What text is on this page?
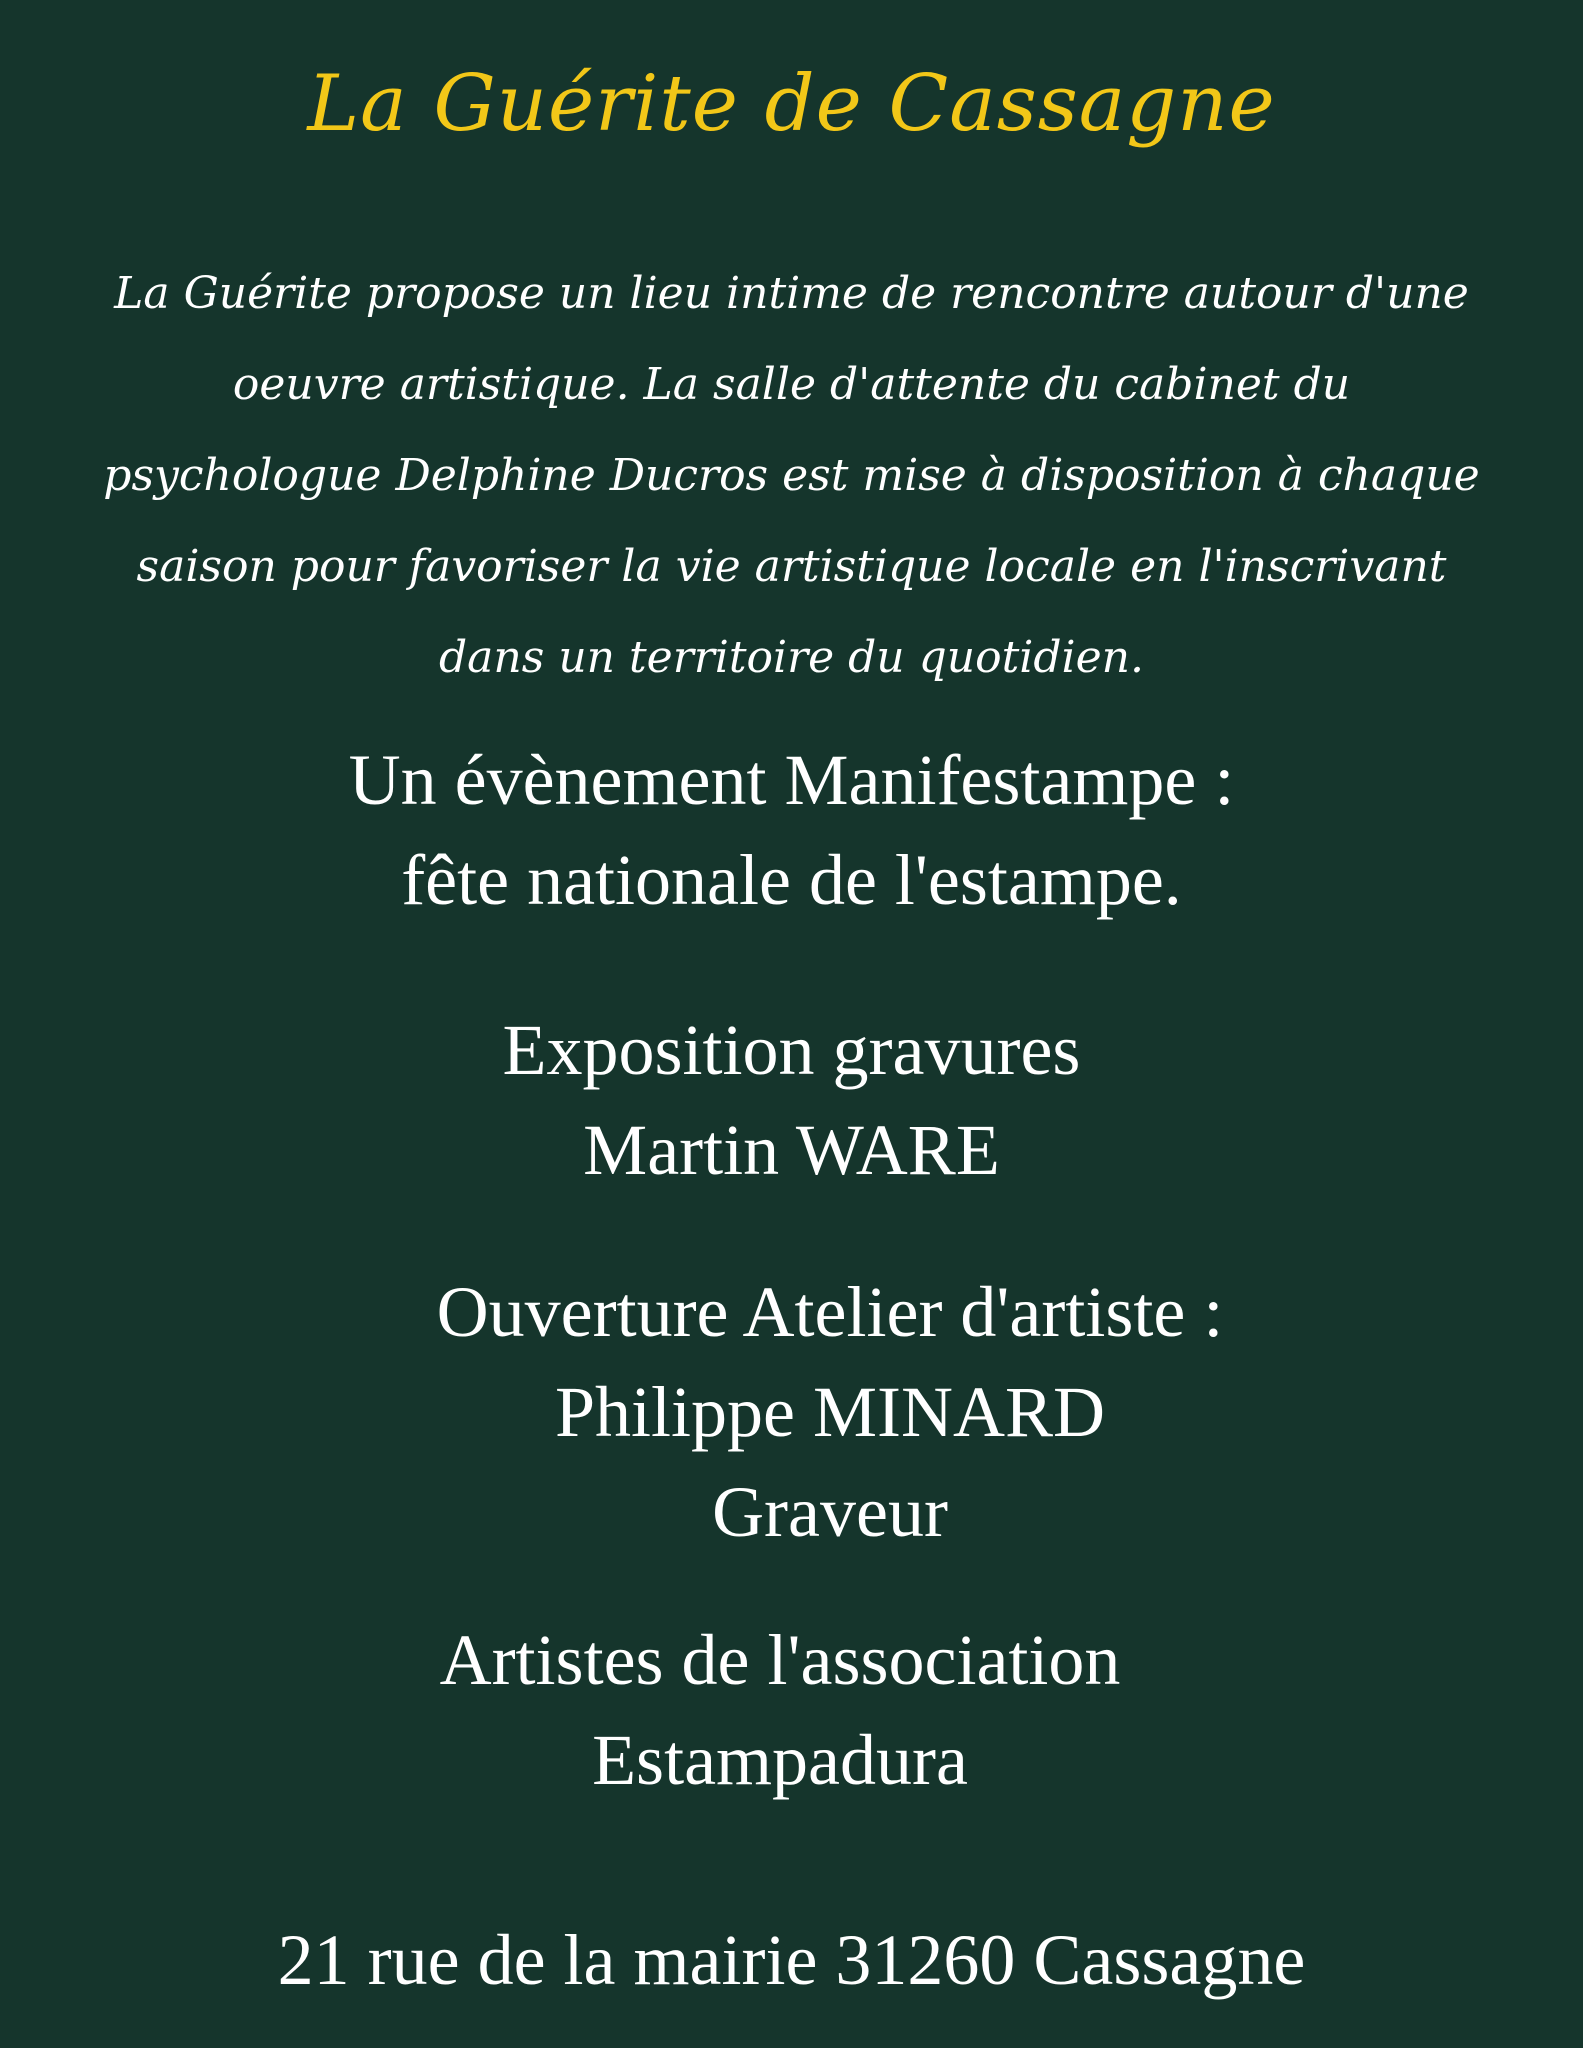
La Guérite de Cassagne
La Guérite propose un lieu intime de rencontre autour d'une oeuvre artistique. La salle d'attente du cabinet du psychologue Delphine Ducros est mise à disposition à chaque saison pour favoriser la vie artistique locale en l'inscrivant dans un territoire du quotidien.
Un évènement Manifestampe :
fête nationale de l'estampe.
Exposition gravures
Martin WARE
Ouverture Atelier d'artiste :
Philippe MINARD
Graveur
Artistes de l'association
Estampadura
21 rue de la mairie 31260 Cassagne
